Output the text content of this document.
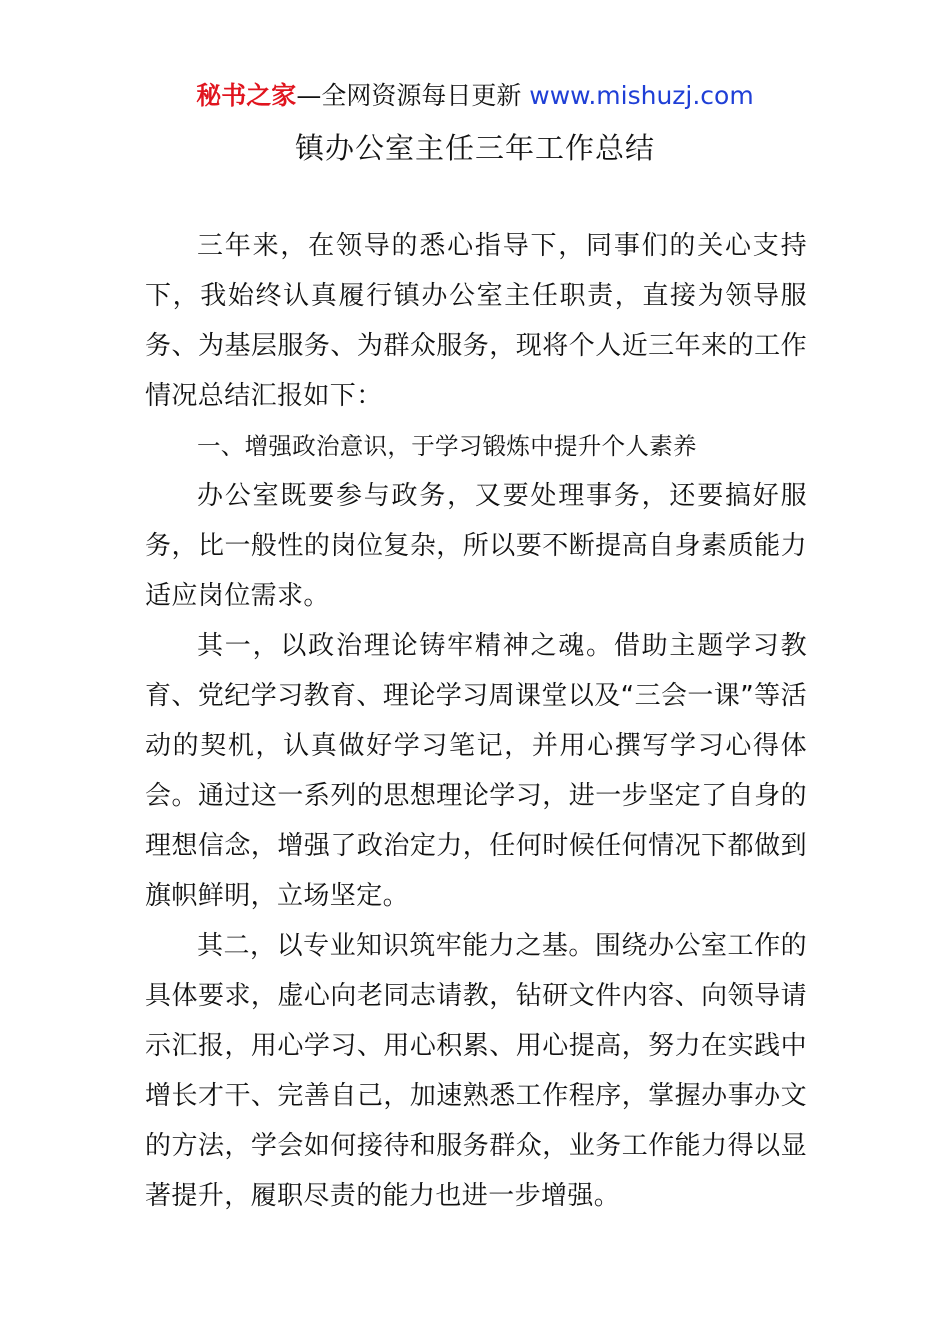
秘书之家—全网资源每日更新 www.mishuzj.com
镇办公室主任三年工作总结

三年来，在领导的悉心指导下，同事们的关心支持下，我始终认真履行镇办公室主任职责，直接为领导服务、为基层服务、为群众服务，现将个人近三年来的工作情况总结汇报如下：

一、增强政治意识，于学习锻炼中提升个人素养

办公室既要参与政务，又要处理事务，还要搞好服务，比一般性的岗位复杂，所以要不断提高自身素质能力适应岗位需求。

其一，以政治理论铸牢精神之魂。借助主题学习教育、党纪学习教育、理论学习周课堂以及“三会一课”等活动的契机，认真做好学习笔记，并用心撰写学习心得体会。通过这一系列的思想理论学习，进一步坚定了自身的理想信念，增强了政治定力，任何时候任何情况下都做到旗帜鲜明，立场坚定。

其二，以专业知识筑牢能力之基。围绕办公室工作的具体要求，虚心向老同志请教，钻研文件内容、向领导请示汇报，用心学习、用心积累、用心提高，努力在实践中增长才干、完善自己，加速熟悉工作程序，掌握办事办文的方法，学会如何接待和服务群众，业务工作能力得以显著提升，履职尽责的能力也进一步增强。
